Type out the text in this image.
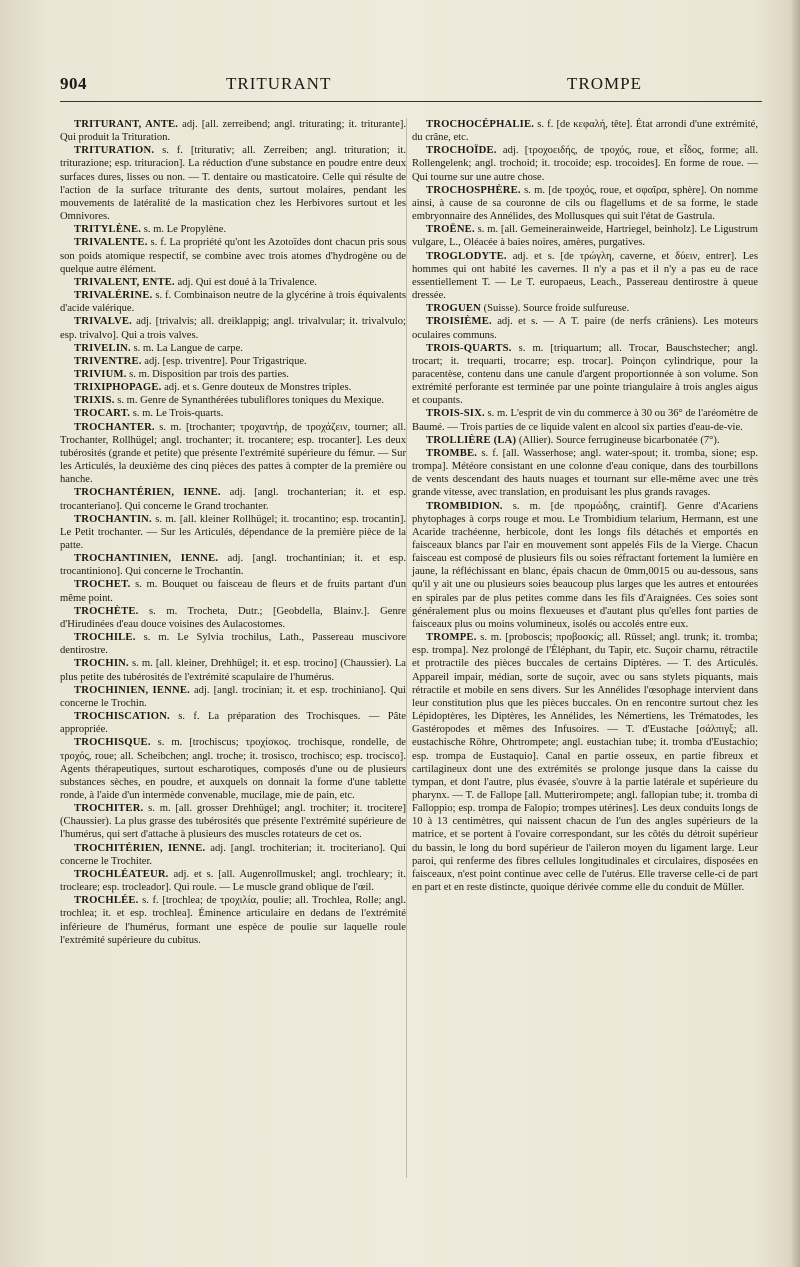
904	TRITURANT	TROMPE

TRITURANT, ANTE. adj. [all. zerreibend; angl. triturating; it. triturante]. Qui produit la Trituration.

TRITURATION. s. f. [triturativ; all. Zerreiben; angl. trituration; it. triturazione; esp. trituracion]. La réduction d'une substance en poudre entre deux surfaces dures, lisses ou non. — T. dentaire ou masticatoire. Celle qui résulte de l'action de la surface triturante des dents, surtout molaires, pendant les mouvements de latéralité de la mastication chez les Herbivores surtout et les Omnivores.

TRITYLÈNE. s. m. Le Propylène.

TRIVALENTE. s. f. La propriété qu'ont les Azotoïdes dont chacun pris sous son poids atomique respectif, se combine avec trois atomes d'hydrogène ou de quelque autre élément.

TRIVALENT, ENTE. adj. Qui est doué à la Trivalence.

TRIVALÉRINE. s. f. Combinaison neutre de la glycérine à trois équivalents d'acide valérique.

TRIVALVE. adj. [trivalvis; all. dreiklappig; angl. trivalvular; it. trivalvulo; esp. trivalvo]. Qui a trois valves.

TRIVELIN. s. m. La Langue de carpe.

TRIVENTRE. adj. [esp. triventre]. Pour Trigastrique.

TRIVIUM. s. m. Disposition par trois des parties.

TRIXIPHOPAGE. adj. et s. Genre douteux de Monstres triples.

TRIXIS. s. m. Genre de Synanthérées tubuliflores toniques du Mexique.

TROCART. s. m. Le Trois-quarts.

TROCHANTER. s. m. [trochanter; τροχαντήρ, de τροχάζειν, tourner; all. Trochanter, Rollhügel; angl. trochanter; it. trocantere; esp. trocanter]. Les deux tubérosités (grande et petite) que présente l'extrémité supérieure du fémur. — Sur les Articulés, la deuxième des cinq pièces des pattes à compter de la première ou hanche.

TROCHANTÉRIEN, IENNE. adj. [angl. trochanterian; it. et esp. trocanteriano]. Qui concerne le Grand trochanter.

TROCHANTIN. s. m. [all. kleiner Rollhügel; it. trocantino; esp. trocantin]. Le Petit trochanter. — Sur les Articulés, dépendance de la première pièce de la patte.

TROCHANTINIEN, IENNE. adj. [angl. trochantinian; it. et esp. trocantiniono]. Qui concerne le Trochantin.

TROCHET. s. m. Bouquet ou faisceau de fleurs et de fruits partant d'un même point.

TROCHÈTE. s. m. Trocheta, Dutr.; [Geobdella, Blainv.]. Genre d'Hirudinées d'eau douce voisines des Aulacostomes.

TROCHILE. s. m. Le Sylvia trochilus, Lath., Passereau muscivore dentirostre.

TROCHIN. s. m. [all. kleiner, Drehhügel; it. et esp. trocino] (Chaussier). La plus petite des tubérosités de l'extrémité scapulaire de l'humérus.

TROCHINIEN, IENNE. adj. [angl. trocinian; it. et esp. trochiniano]. Qui concerne le Trochin.

TROCHISCATION. s. f. La préparation des Trochisques. — Pâte appropriée.

TROCHISQUE. s. m. [trochiscus; τροχίσκος. trochisque, rondelle, de τροχός, roue; all. Scheibchen; angl. troche; it. trosisco, trochisco; esp. trocisco]. Agents thérapeutiques, surtout escharotiques, composés d'une ou de plusieurs substances sèches, en poudre, et auxquels on donnait la forme d'une tablette ronde, à l'aide d'un intermède convenable, mucilage, mie de pain, etc.

TROCHITER. s. m. [all. grosser Drehhügel; angl. trochiter; it. trocitere] (Chaussier). La plus grasse des tubérosités que présente l'extrémité supérieure de l'humérus, qui sert d'attache à plusieurs des muscles rotateurs de cet os.

TROCHITÉRIEN, IENNE. adj. [angl. trochiterian; it. trociteriano]. Qui concerne le Trochiter.

TROCHLÉATEUR. adj. et s. [all. Augenrollmuskel; angl. trochleary; it. trocleare; esp. trocleador]. Qui roule. — Le muscle grand oblique de l'œil.

TROCHLÉE. s. f. [trochlea; de τροχιλία, poulie; all. Trochlea, Rolle; angl. trochlea; it. et esp. trochlea]. Éminence articulaire en dedans de l'extrémité inférieure de l'humérus, formant une espèce de poulie sur laquelle roule l'extrémité supérieure du cubitus.

TROCHOCÉPHALIE. s. f. [de κεφαλή, tête]. État arrondi d'une extrémité, du crâne, etc.

TROCHOÏDE. adj. [τροχοειδής, de τροχός, roue, et εἶδος, forme; all. Rollengelenk; angl. trochoid; it. trocoide; esp. trocoides]. En forme de roue. — Qui tourne sur une autre chose.

TROCHOSPHÈRE. s. m. [de τροχός, roue, et σφαῖρα, sphère]. On nomme ainsi, à cause de sa couronne de cils ou flagellums et de sa forme, le stade embryonnaire des Annélides, des Mollusques qui suit l'état de Gastrula.

TROËNE. s. m. [all. Gemeinerainweide, Hartriegel, beinholz]. Le Ligustrum vulgare, L., Oléacée à baies noires, amères, purgatives.

TROGLODYTE. adj. et s. [de τρώγλη, caverne, et δύειν, entrer]. Les hommes qui ont habité les cavernes. Il n'y a pas et il n'y a pas eu de race essentiellement T. — Le T. europaeus, Leach., Passereau dentirostre à queue dressée.

TROGUEN (Suisse). Source froide sulfureuse.

TROISIÈME. adj. et s. — A T. paire (de nerfs crâniens). Les moteurs oculaires communs.

TROIS-QUARTS. s. m. [triquartum; all. Trocar, Bauschstecher; angl. trocart; it. trequarti, trocarre; esp. trocar]. Poinçon cylindrique, pour la paracentèse, contenu dans une canule d'argent proportionnée à son volume. Son extrémité perforante est terminée par une pointe triangulaire à trois angles aigus et coupants.

TROIS-SIX. s. m. L'esprit de vin du commerce à 30 ou 36° de l'aréomètre de Baumé. — Trois parties de ce liquide valent en alcool six parties d'eau-de-vie.

TROLLIÈRE (LA) (Allier). Source ferrugineuse bicarbonatée (7°).

TROMBE. s. f. [all. Wasserhose; angl. water-spout; it. tromba, sione; esp. trompa]. Météore consistant en une colonne d'eau conique, dans des tourbillons de vents descendant des hauts nuages et tournant sur elle-même avec une très grande vitesse, avec translation, en produisant les plus grands ravages.

TROMBIDION. s. m. [de προμώδης, craintif]. Genre d'Acariens phytophages à corps rouge et mou. Le Trombidium telarium, Hermann, est une Acaride trachéenne, herbicole, dont les longs fils détachés et emportés en faisceaux blancs par l'air en mouvement sont appelés Fils de la Vierge. Chacun faisceau est composé de plusieurs fils ou soies réfractant fortement la lumière en jaune, la réfléchissant en blanc, épais chacun de 0mm,0015 ou au-dessous, sans qu'il y ait une ou plusieurs soies beaucoup plus larges que les autres et entourées en spirales par de plus petites comme dans les fils d'Araignées. Ces soies sont généralement plus ou moins flexueuses et d'autant plus qu'elles font parties de faisceaux plus ou moins volumineux, isolés ou accolés entre eux.

TROMPE. s. m. [proboscis; προβοσκίς; all. Rüssel; angl. trunk; it. tromba; esp. trompa]. Nez prolongé de l'Éléphant, du Tapir, etc. Suçoir charnu, rétractile et protractile des pièces buccales de certains Diptères. — T. des Articulés. Appareil impair, médian, sorte de suçoir, avec ou sans stylets piquants, mais rétractile et mobile en sens divers. Sur les Annélides l'œsophage intervient dans leur constitution plus que les pièces buccales. On en rencontre surtout chez les Lépidoptères, les Diptères, les Annélides, les Némertiens, les Trématodes, les Gastéropodes et mêmes des Infusoires. — T. d'Eustache [σάλπιγξ; all. eustachische Röhre, Ohrtrompete; angl. eustachian tube; it. tromba d'Eustachio; esp. trompa de Eustaquio]. Canal en partie osseux, en partie fibreux et cartilagineux dont une des extrémités se prolonge jusque dans la caisse du tympan, et dont l'autre, plus évasée, s'ouvre à la partie latérale et supérieure du pharynx. — T. de Fallope [all. Mutterirompete; angl. fallopian tube; it. tromba di Falloppio; esp. trompa de Falopio; trompes utérines]. Les deux conduits longs de 10 à 13 centimètres, qui naissent chacun de l'un des angles supérieurs de la matrice, et se portent à l'ovaire correspondant, sur les côtés du détroit supérieur du bassin, le long du bord supérieur de l'aileron moyen du ligament large. Leur paroi, qui renferme des fibres cellules longitudinales et circulaires, disposées en faisceaux, n'est point continue avec celle de l'utérus. Elle traverse celle-ci de part en part et en reste distincte, quoique dérivée comme elle du conduit de Müller.
